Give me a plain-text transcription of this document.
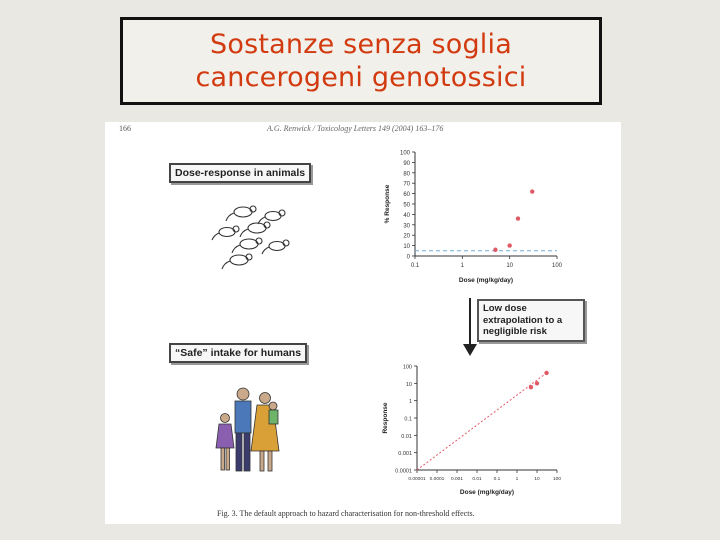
Sostanze senza soglia
cancerogeni genotossici
166	A.G. Renwick / Toxicology Letters 149 (2004) 163–176
Dose-response in animals
“Safe” intake for humans
Low dose
extrapolation to a
negligible risk
0
10
20
30
40
50
60
70
80
90
100
0.1	1	10	100
Dose (mg/kg/day)
% Response
0.0001
0.001
0.01
0.1
1
10
100
0.00001 0.0001 0.001 0.01 0.1	1	10	100
Dose (mg/kg/day)
Response
Fig. 3. The default approach to hazard characterisation for non-threshold effects.
